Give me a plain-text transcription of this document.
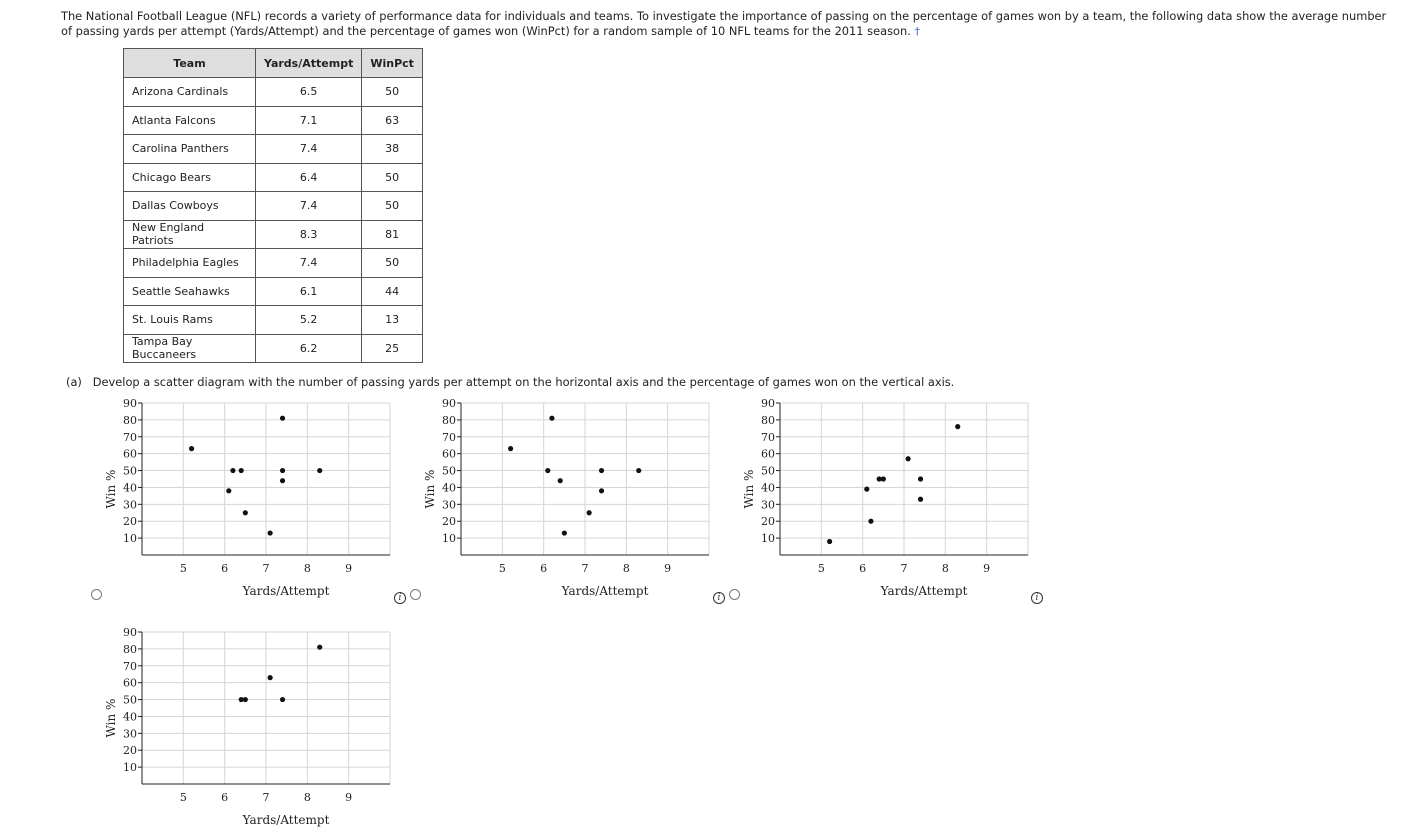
The National Football League (NFL) records a variety of performance data for individuals and teams. To investigate the importance of passing on the percentage of games won by a team, the following data show the average number of passing yards per attempt (Yards/Attempt) and the percentage of games won (WinPct) for a random sample of 10 NFL teams for the 2011 season. †
Team	Yards/Attempt	WinPct
Arizona Cardinals	6.5	50
Atlanta Falcons	7.1	63
Carolina Panthers	7.4	38
Chicago Bears	6.4	50
Dallas Cowboys	7.4	50
New England Patriots	8.3	81
Philadelphia Eagles	7.4	50
Seattle Seahawks	6.1	44
St. Louis Rams	5.2	13
Tampa Bay Buccaneers	6.2	25
(a) Develop a scatter diagram with the number of passing yards per attempt on the horizontal axis and the percentage of games won on the vertical axis.
i	i	i
10
20
30
40
50
60
70
80
90
5	6	7	8	9
Yards/Attempt
Win %
10
20
30
40
50
60
70
80
90
5	6	7	8	9
Yards/Attempt
Win %
10
20
30
40
50
60
70
80
90
5	6	7	8	9
Yards/Attempt
Win %
10
20
30
40
50
60
70
80
90
5	6	7	8	9
Yards/Attempt
Win %
